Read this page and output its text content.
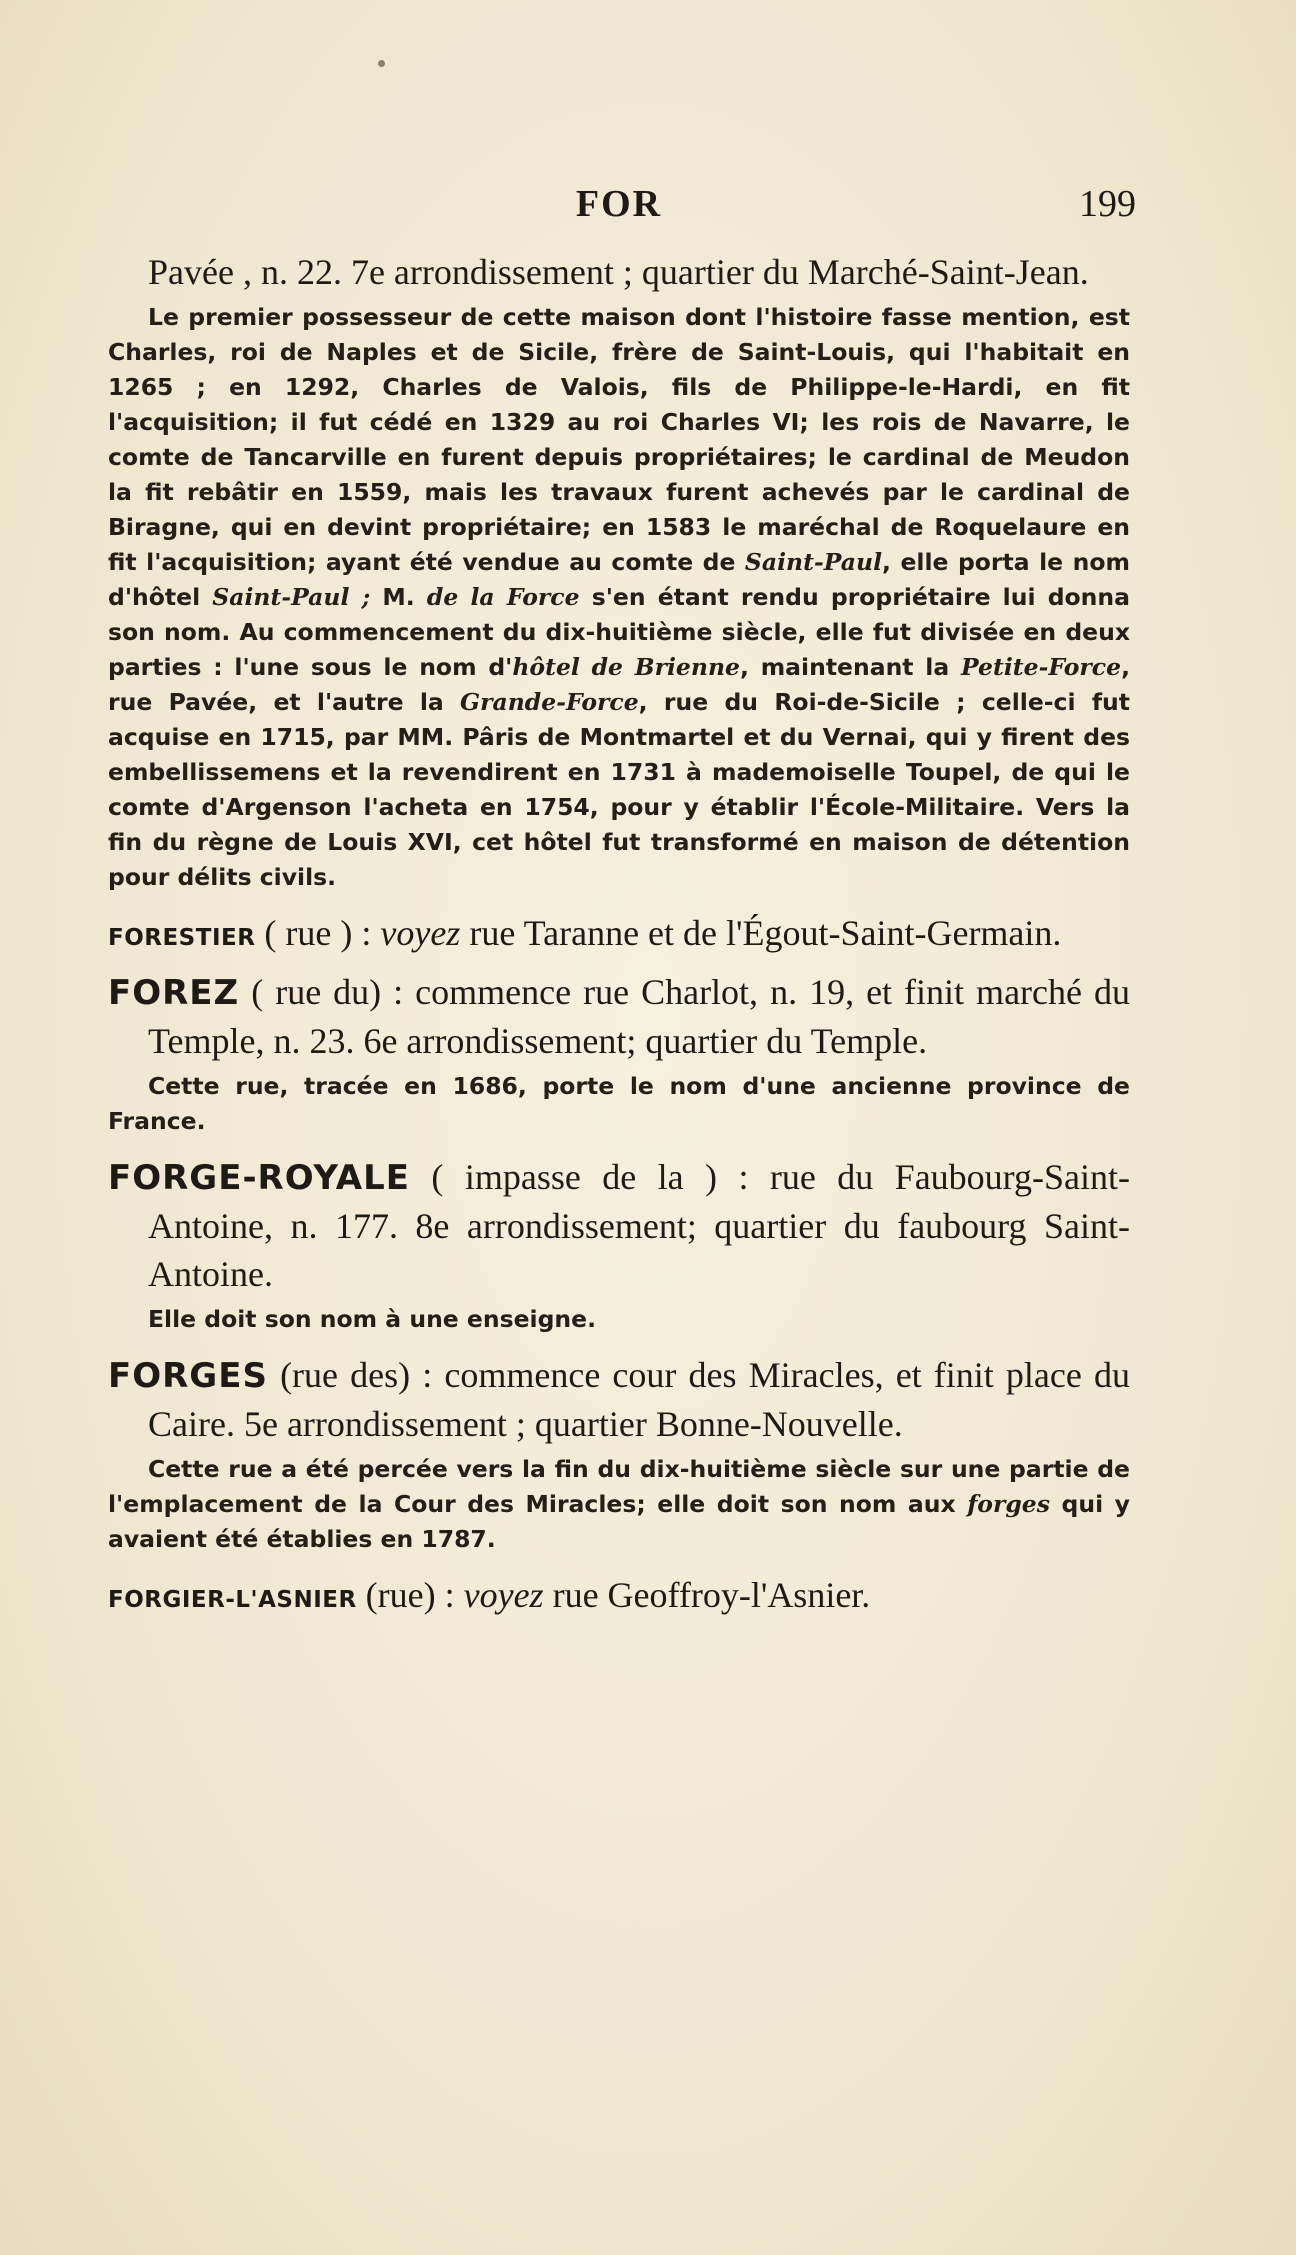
FOR	199

Pavée , n. 22. 7e arrondissement ; quartier du Marché-Saint-Jean.

Le premier possesseur de cette maison dont l'histoire fasse mention, est Charles, roi de Naples et de Sicile, frère de Saint-Louis, qui l'habitait en 1265 ; en 1292, Charles de Valois, fils de Philippe-le-Hardi, en fit l'acquisition; il fut cédé en 1329 au roi Charles VI; les rois de Navarre, le comte de Tancarville en furent depuis propriétaires; le cardinal de Meudon la fit rebâtir en 1559, mais les travaux furent achevés par le cardinal de Biragne, qui en devint propriétaire; en 1583 le maréchal de Roquelaure en fit l'acquisition; ayant été vendue au comte de Saint-Paul, elle porta le nom d'hôtel Saint-Paul ; M. de la Force s'en étant rendu propriétaire lui donna son nom. Au commencement du dix-huitième siècle, elle fut divisée en deux parties : l'une sous le nom d'hôtel de Brienne, maintenant la Petite-Force, rue Pavée, et l'autre la Grande-Force, rue du Roi-de-Sicile ; celle-ci fut acquise en 1715, par MM. Pâris de Montmartel et du Vernai, qui y firent des embellissemens et la revendirent en 1731 à mademoiselle Toupel, de qui le comte d'Argenson l'acheta en 1754, pour y établir l'École-Militaire. Vers la fin du règne de Louis XVI, cet hôtel fut transformé en maison de détention pour délits civils.

FORESTIER ( rue ) : voyez rue Taranne et de l'Égout-Saint-Germain.

FOREZ ( rue du) : commence rue Charlot, n. 19, et finit marché du Temple, n. 23. 6e arrondissement; quartier du Temple.

Cette rue, tracée en 1686, porte le nom d'une ancienne province de France.

FORGE-ROYALE ( impasse de la ) : rue du Faubourg-Saint-Antoine, n. 177. 8e arrondissement; quartier du faubourg Saint-Antoine.

Elle doit son nom à une enseigne.

FORGES (rue des) : commence cour des Miracles, et finit place du Caire. 5e arrondissement ; quartier Bonne-Nouvelle.

Cette rue a été percée vers la fin du dix-huitième siècle sur une partie de l'emplacement de la Cour des Miracles; elle doit son nom aux forges qui y avaient été établies en 1787.

FORGIER-L'ASNIER (rue) : voyez rue Geoffroy-l'Asnier.
